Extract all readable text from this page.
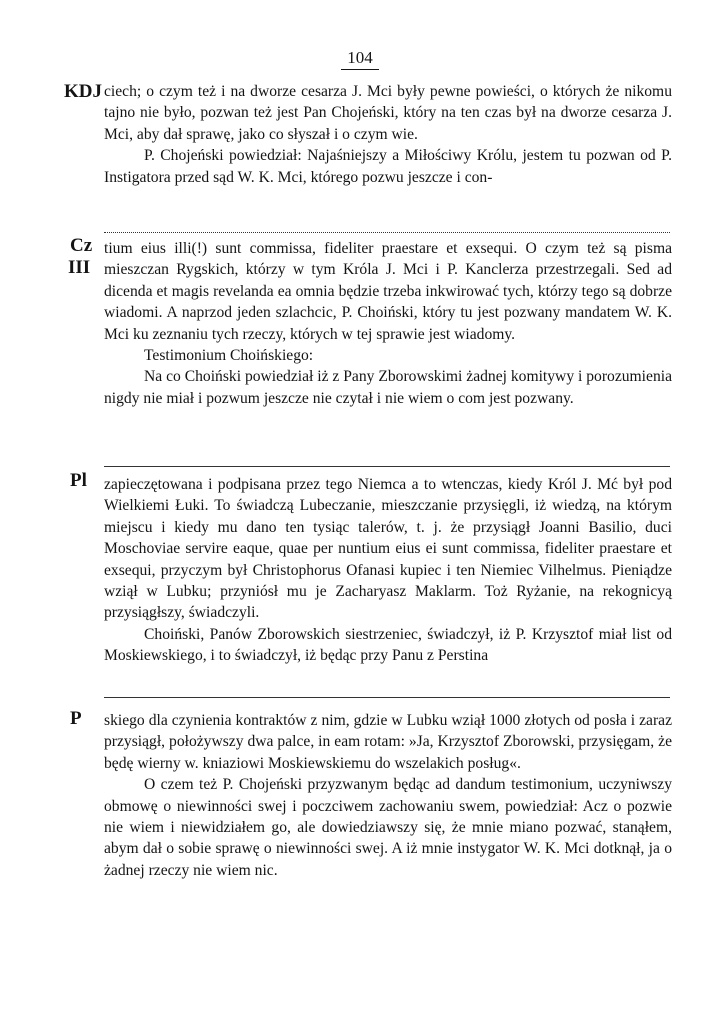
104
KDJ ciech; o czym też i na dworze cesarza J. Mci były pewne powieści, o których że nikomu tajno nie było, pozwan też jest Pan Chojeński, który na ten czas był na dworze cesarza J. Mci, aby dał sprawę, jako co słyszał i o czym wie.

P. Chojeński powiedział: Najaśniejszy a Miłościwy Królu, jestem tu pozwan od P. Instigatora przed sąd W. K. Mci, którego pozwu jeszcze i con-

Cz
III

tium eius illi(!) sunt commissa, fideliter praestare et exsequi. O czym też są pisma mieszczan Rygskich, którzy w tym Króla J. Mci i P. Kanclerza przestrzegali. Sed ad dicenda et magis revelanda ea omnia będzie trzeba inkwirować tych, którzy tego są dobrze wiadomi. A naprzod jeden szlachcic, P. Choiński, który tu jest pozwany mandatem W. K. Mci ku zeznaniu tych rzeczy, których w tej sprawie jest wiadomy.

Testimonium Choińskiego:

Na co Choiński powiedział iż z Pany Zborowskimi żadnej komitywy i porozumienia nigdy nie miał i pozwum jeszcze nie czytał i nie wiem o com jest pozwany.

Pl zapieczętowana i podpisana przez tego Niemca a to wtenczas, kiedy Król J. Mć był pod Wielkiemi Łuki. To świadczą Lubeczanie, mieszczanie przysięgli, iż wiedzą, na którym miejscu i kiedy mu dano ten tysiąc talerów, t. j. że przysiągł Joanni Basilio, duci Moschoviae servire eaque, quae per nuntium eius ei sunt commissa, fideliter praestare et exsequi, przyczym był Christophorus Ofanasi kupiec i ten Niemiec Vilhelmus. Pieniądze wziął w Lubku; przyniósł mu je Zacharyasz Maklarm. Toż Ryżanie, na rekognicyą przysiągłszy, świadczyli.

Choiński, Panów Zborowskich siestrzeniec, świadczył, iż P. Krzysztof miał list od Moskiewskiego, i to świadczył, iż będąc przy Panu z Perstina

P skiego dla czynienia kontraktów z nim, gdzie w Lubku wziął 1000 złotych od posła i zaraz przysiągł, położywszy dwa palce, in eam rotam: »Ja, Krzysztof Zborowski, przysięgam, że będę wierny w. kniaziowi Moskiewskiemu do wszelakich posług«.

O czem też P. Chojeński przyzwanym będąc ad dandum testimonium, uczyniwszy obmowę o niewinności swej i poczciwem zachowaniu swem, powiedział: Acz o pozwie nie wiem i niewidziałem go, ale dowiedziawszy się, że mnie miano pozwać, stanąłem, abym dał o sobie sprawę o niewinności swej. A iż mnie instygator W. K. Mci dotknął, ja o żadnej rzeczy nie wiem nic.
